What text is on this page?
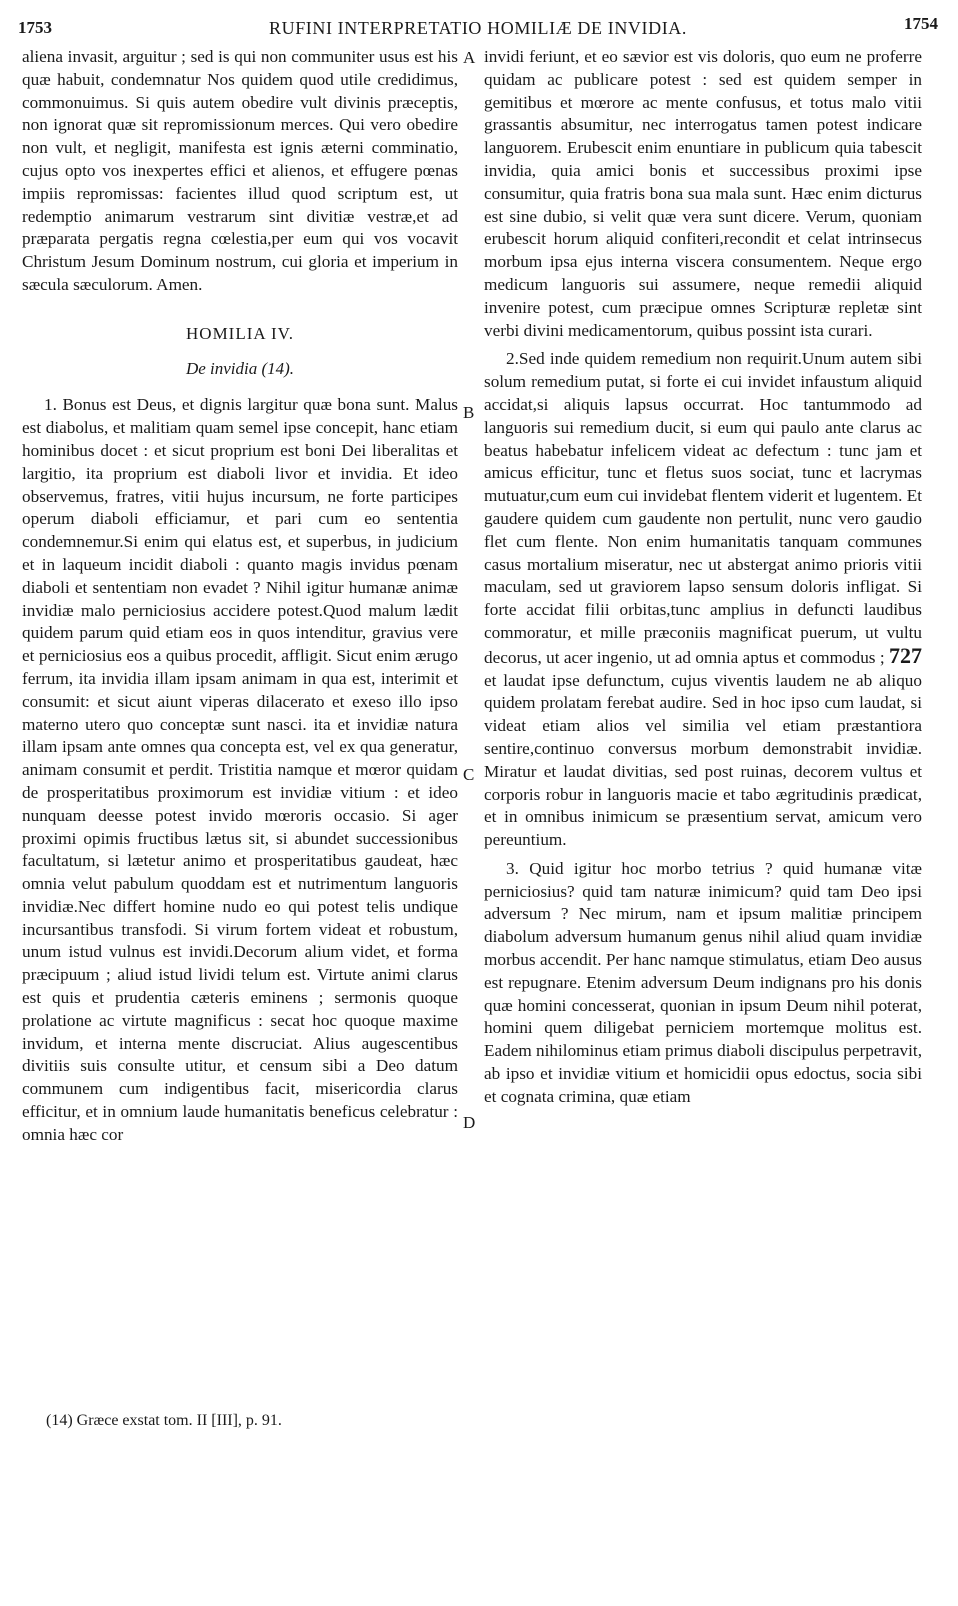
1753	RUFINI INTERPRETATIO HOMILIÆ DE INVIDIA.	1754

aliena invasit, arguitur ; sed is qui non communiter usus est his quæ habuit, condemnatur Nos quidem quod utile credidimus, commonuimus. Si quis autem obedire vult divinis præceptis, non ignorat quæ sit repromissionum merces. Qui vero obedire non vult, et negligit, manifesta est ignis æterni comminatio, cujus opto vos inexpertes effici et alienos, et effugere pœnas impiis repromissas: facientes illud quod scriptum est, ut redemptio animarum vestrarum sint divitiæ vestræ,et ad præparata pergatis regna cœlestia,per eum qui vos vocavit Christum Jesum Dominum nostrum, cui gloria et imperium in sæcula sæculorum. Amen.

HOMILIA IV.
De invidia (14).

1. Bonus est Deus, et dignis largitur quæ bona sunt. Malus est diabolus, et malitiam quam semel ipse concepit, hanc etiam hominibus docet : et sicut proprium est boni Dei liberalitas et largitio, ita proprium est diaboli livor et invidia. Et ideo observemus, fratres, vitii hujus incursum, ne forte participes operum diaboli efficiamur, et pari cum eo sententia condemnemur.Si enim qui elatus est, et superbus, in judicium et in laqueum incidit diaboli : quanto magis invidus pœnam diaboli et sententiam non evadet ? Nihil igitur humanæ animæ invidiæ malo perniciosius accidere potest.Quod malum lædit quidem parum quid etiam eos in quos intenditur, gravius vere et perniciosius eos a quibus procedit, affligit. Sicut enim ærugo ferrum, ita invidia illam ipsam animam in qua est, interimit et consumit: et sicut aiunt viperas dilacerato et exeso illo ipso materno utero quo conceptæ sunt nasci. ita et invidiæ natura illam ipsam ante omnes qua concepta est, vel ex qua generatur, animam consumit et perdit. Tristitia namque et mœror quidam de prosperitatibus proximorum est invidiæ vitium : et ideo nunquam deesse potest invido mœroris occasio. Si ager proximi opimis fructibus lætus sit, si abundet successionibus facultatum, si lætetur animo et prosperitatibus gaudeat, hæc omnia velut pabulum quoddam est et nutrimentum languoris invidiæ.Nec differt homine nudo eo qui potest telis undique incursantibus transfodi. Si virum fortem videat et robustum, unum istud vulnus est invidi.Decorum alium videt, et forma præcipuum ; aliud istud lividi telum est. Virtute animi clarus est quis et prudentia cæteris eminens ; sermonis quoque prolatione ac virtute magnificus : secat hoc quoque maxime invidum, et interna mente discruciat. Alius augescentibus divitiis suis consulte utitur, et censum sibi a Deo datum communem cum indigentibus facit, misericordia clarus efficitur, et in omnium laude humanitatis beneficus celebratur : omnia hæc cor

invidi feriunt, et eo sævior est vis doloris, quo eum ne proferre quidam ac publicare potest : sed est quidem semper in gemitibus et mœrore ac mente confusus, et totus malo vitii grassantis absumitur, nec interrogatus tamen potest indicare languorem. Erubescit enim enuntiare in publicum quia tabescit invidia, quia amici bonis et successibus proximi ipse consumitur, quia fratris bona sua mala sunt. Hæc enim dicturus est sine dubio, si velit quæ vera sunt dicere. Verum, quoniam erubescit horum aliquid confiteri,recondit et celat intrinsecus morbum ipsa ejus interna viscera consumentem. Neque ergo medicum languoris sui assumere, neque remedii aliquid invenire potest, cum præcipue omnes Scripturæ repletæ sint verbi divini medicamentorum, quibus possint ista curari.

2.Sed inde quidem remedium non requirit.Unum autem sibi solum remedium putat, si forte ei cui invidet infaustum aliquid accidat,si aliquis lapsus occurrat. Hoc tantummodo ad languoris sui remedium ducit, si eum qui paulo ante clarus ac beatus habebatur infelicem videat ac defectum : tunc jam et amicus efficitur, tunc et fletus suos sociat, tunc et lacrymas mutuatur,cum eum cui invidebat flentem viderit et lugentem. Et gaudere quidem cum gaudente non pertulit, nunc vero gaudio flet cum flente. Non enim humanitatis tanquam communes casus mortalium miseratur, nec ut abstergat animo prioris vitii maculam, sed ut graviorem lapso sensum doloris infligat. Si forte accidat filii orbitas,tunc amplius in defuncti laudibus commoratur, et mille præconiis magnificat puerum, ut vultu decorus, ut acer ingenio, ut ad omnia aptus et commodus ; 727 et laudat ipse defunctum, cujus viventis laudem ne ab aliquo quidem prolatam ferebat audire. Sed in hoc ipso cum laudat, si videat etiam alios vel similia vel etiam præstantiora sentire,continuo conversus morbum demonstrabit invidiæ. Miratur et laudat divitias, sed post ruinas, decorem vultus et corporis robur in languoris macie et tabo ægritudinis prædicat, et in omnibus inimicum se præsentium servat, amicum vero pereuntium.

3. Quid igitur hoc morbo tetrius ? quid humanæ vitæ perniciosius? quid tam naturæ inimicum? quid tam Deo ipsi adversum ? Nec mirum, nam et ipsum malitiæ principem diabolum adversum humanum genus nihil aliud quam invidiæ morbus accendit. Per hanc namque stimulatus, etiam Deo ausus est repugnare. Etenim adversum Deum indignans pro his donis quæ homini concesserat, quonian in ipsum Deum nihil poterat, homini quem diligebat perniciem mortemque molitus est. Eadem nihilominus etiam primus diaboli discipulus perpetravit, ab ipso et invidiæ vitium et homicidii opus edoctus, socia sibi et cognata crimina, quæ etiam

A
B
C
D
(14) Græce exstat tom. II [III], p. 91.
